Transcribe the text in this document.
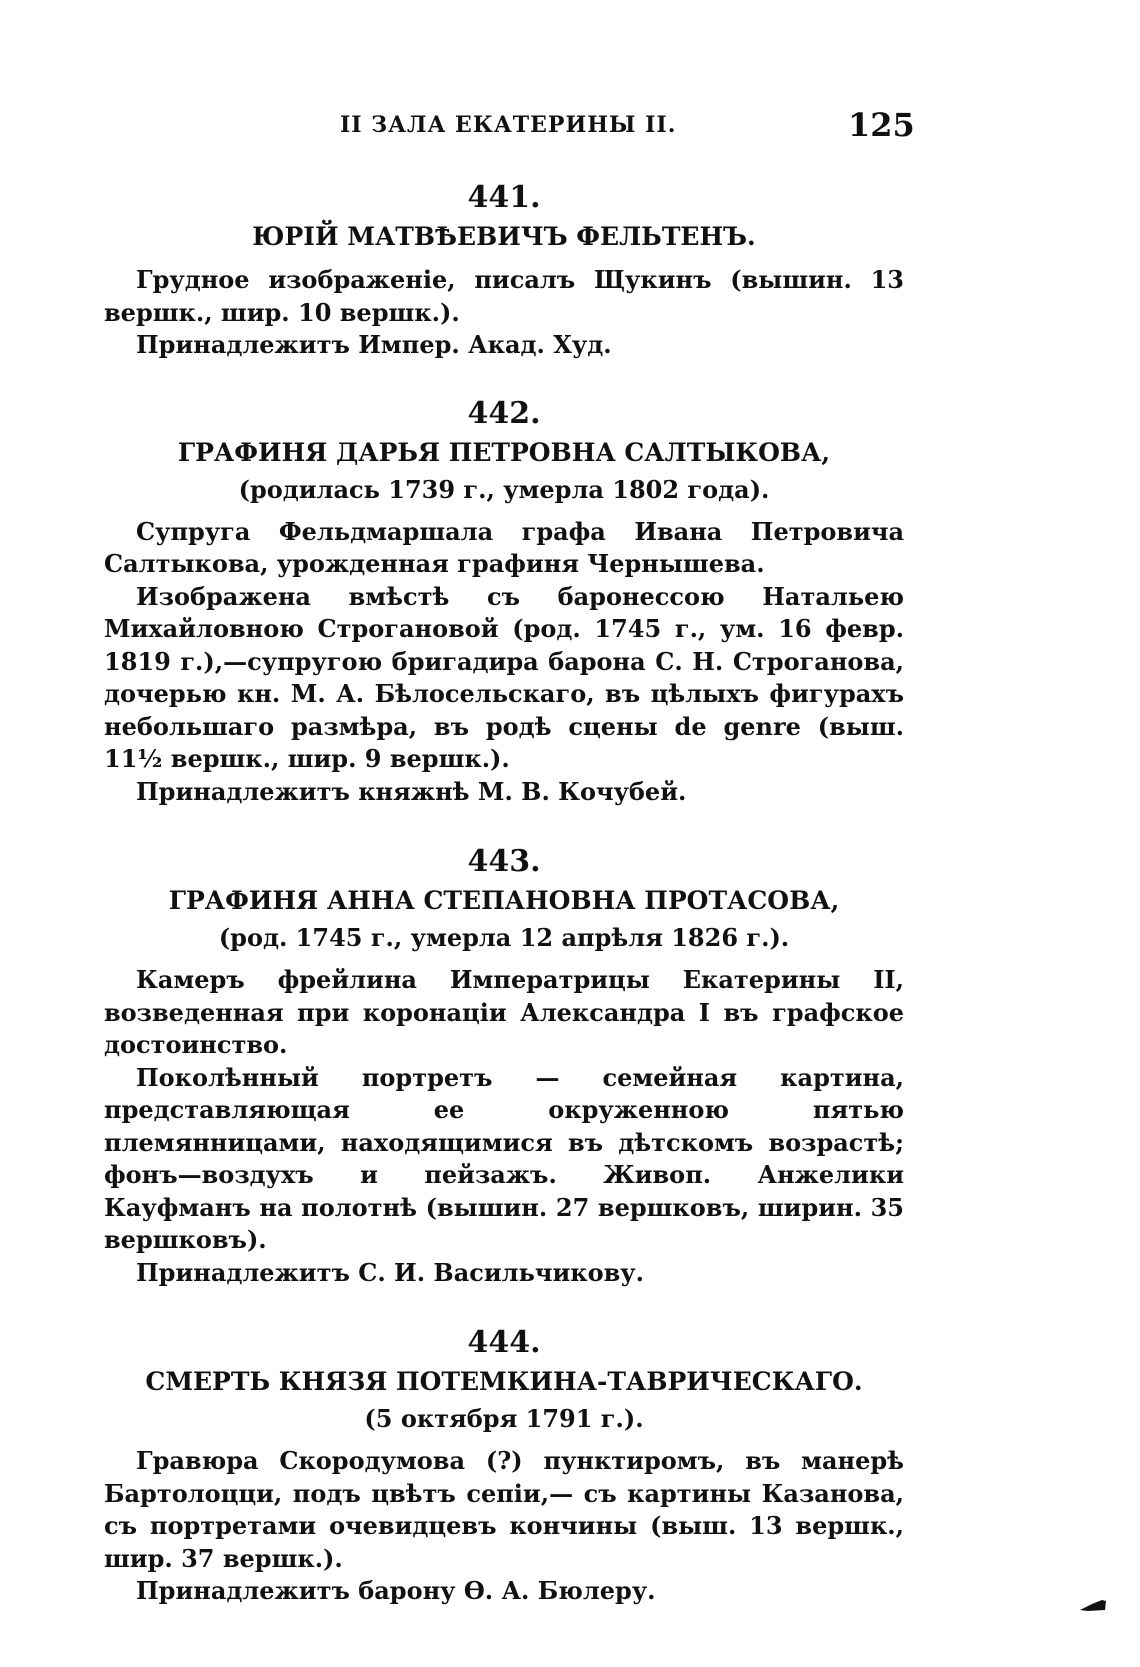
II ЗАЛА ЕКАТЕРИНЫ II.	125

441.

ЮРІЙ МАТВѢЕВИЧЪ ФЕЛЬТЕНЪ.

Грудное изображеніе, писалъ Щукинъ (вышин. 13 вершк., шир. 10 вершк.).

Принадлежитъ Импер. Акад. Худ.

442.

ГРАФИНЯ ДАРЬЯ ПЕТРОВНА САЛТЫКОВА,

(родилась 1739 г., умерла 1802 года).

Супруга Фельдмаршала графа Ивана Петровича Салтыкова, урожденная графиня Чернышева.

Изображена вмѣстѣ съ баронессою Натальею Михайловною Строгановой (род. 1745 г., ум. 16 февр. 1819 г.),—супругою бригадира барона С. Н. Строганова, дочерью кн. М. А. Бѣлосельскаго, въ цѣлыхъ фигурахъ небольшаго размѣра, въ родѣ сцены de genre (выш. 11½ вершк., шир. 9 вершк.).

Принадлежитъ княжнѣ М. В. Кочубей.

443.

ГРАФИНЯ АННА СТЕПАНОВНА ПРОТАСОВА,

(род. 1745 г., умерла 12 апрѣля 1826 г.).

Камеръ фрейлина Императрицы Екатерины II, возведенная при коронаціи Александра I въ графское достоинство.

Поколѣнный портретъ — семейная картина, представляющая ее окруженною пятью племянницами, находящимися въ дѣтскомъ возрастѣ; фонъ—воздухъ и пейзажъ. Живоп. Анжелики Кауфманъ на полотнѣ (вышин. 27 вершковъ, ширин. 35 вершковъ).

Принадлежитъ С. И. Васильчикову.

444.

СМЕРТЬ КНЯЗЯ ПОТЕМКИНА-ТАВРИЧЕСКАГО.

(5 октября 1791 г.).

Гравюра Скородумова (?) пунктиромъ, въ манерѣ Бартолоцци, подъ цвѣтъ сепіи,— съ картины Казанова, съ портретами очевидцевъ кончины (выш. 13 вершк., шир. 37 вершк.).

Принадлежитъ барону Ѳ. А. Бюлеру.
